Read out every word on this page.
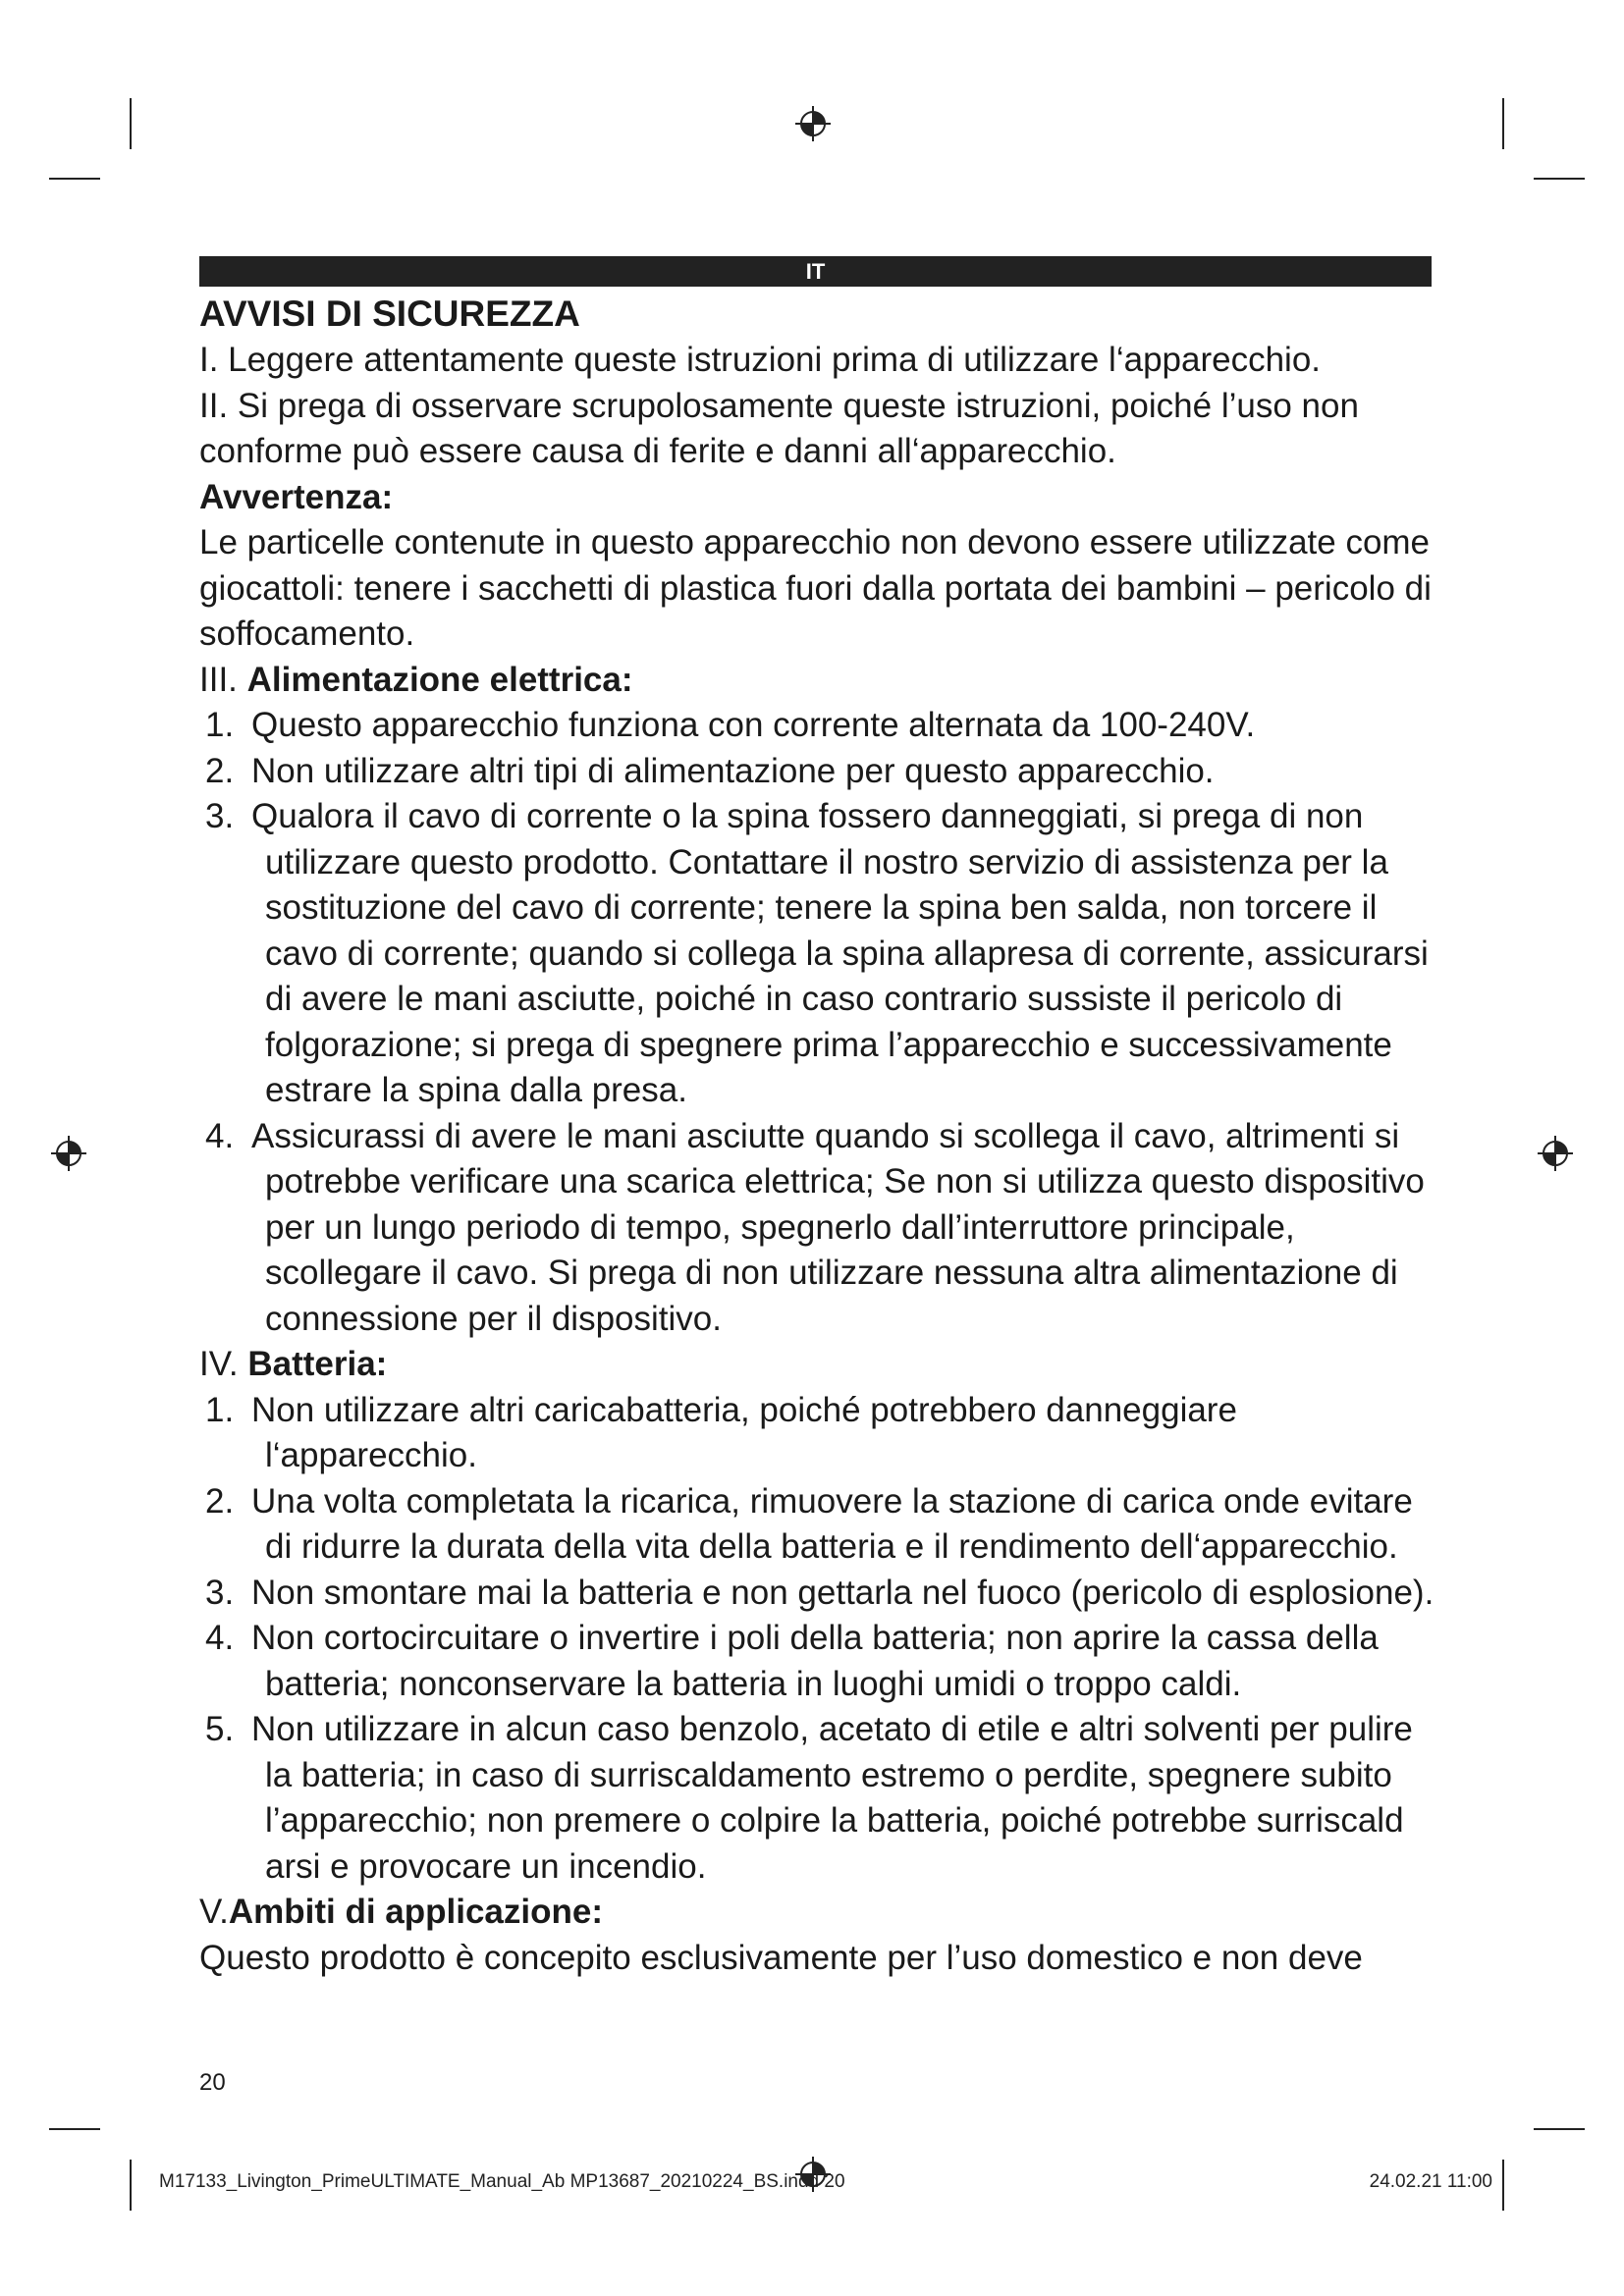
IT

AVVISI DI SICUREZZA

I. Leggere attentamente queste istruzioni prima di utilizzare l‘apparecchio.

II. Si prega di osservare scrupolosamente queste istruzioni, poiché l’uso non conforme può essere causa di ferite e danni all‘apparecchio.

Avvertenza:

Le particelle contenute in questo apparecchio non devono essere utilizzate come giocattoli: tenere i sacchetti di plastica fuori dalla portata dei bambini – pericolo di soffocamento.

III. Alimentazione elettrica:

1. Questo apparecchio funziona con corrente alternata da 100-240V.
2. Non utilizzare altri tipi di alimentazione per questo apparecchio.
3. Qualora il cavo di corrente o la spina fossero danneggiati, si prega di non utilizzare questo prodotto. Contattare il nostro servizio di assistenza per la sostituzione del cavo di corrente; tenere la spina ben salda, non torcere il cavo di corrente; quando si collega la spina allapresa di corrente, assicurarsi di avere le mani asciutte, poiché in caso contrario sussiste il pericolo di folgorazione; si prega di spegnere prima l’apparecchio e successivamente estrare la spina dalla presa.
4. Assicurassi di avere le mani asciutte quando si scollega il cavo, altrimenti si potrebbe verificare una scarica elettrica; Se non si utilizza questo dispositivo per un lungo periodo di tempo, spegnerlo dall’interruttore principale, scollegare il cavo. Si prega di non utilizzare nessuna altra alimentazione di connessione per il dispositivo.

IV. Batteria:

1. Non utilizzare altri caricabatteria, poiché potrebbero danneggiare l‘apparecchio.
2. Una volta completata la ricarica, rimuovere la stazione di carica onde evitare di ridurre la durata della vita della batteria e il rendimento dell‘apparecchio.
3. Non smontare mai la batteria e non gettarla nel fuoco (pericolo di esplosione).
4. Non cortocircuitare o invertire i poli della batteria; non aprire la cassa della batteria; nonconservare la batteria in luoghi umidi o troppo caldi.
5. Non utilizzare in alcun caso benzolo, acetato di etile e altri solventi per pulire la batteria; in caso di surriscaldamento estremo o perdite, spegnere subito l’apparecchio; non premere o colpire la batteria, poiché potrebbe surriscald arsi e provocare un incendio.

V.Ambiti di applicazione:

Questo prodotto è concepito esclusivamente per l’uso domestico e non deve

20
M17133_Livington_PrimeULTIMATE_Manual_Ab MP13687_20210224_BS.indd 20	24.02.21 11:00
